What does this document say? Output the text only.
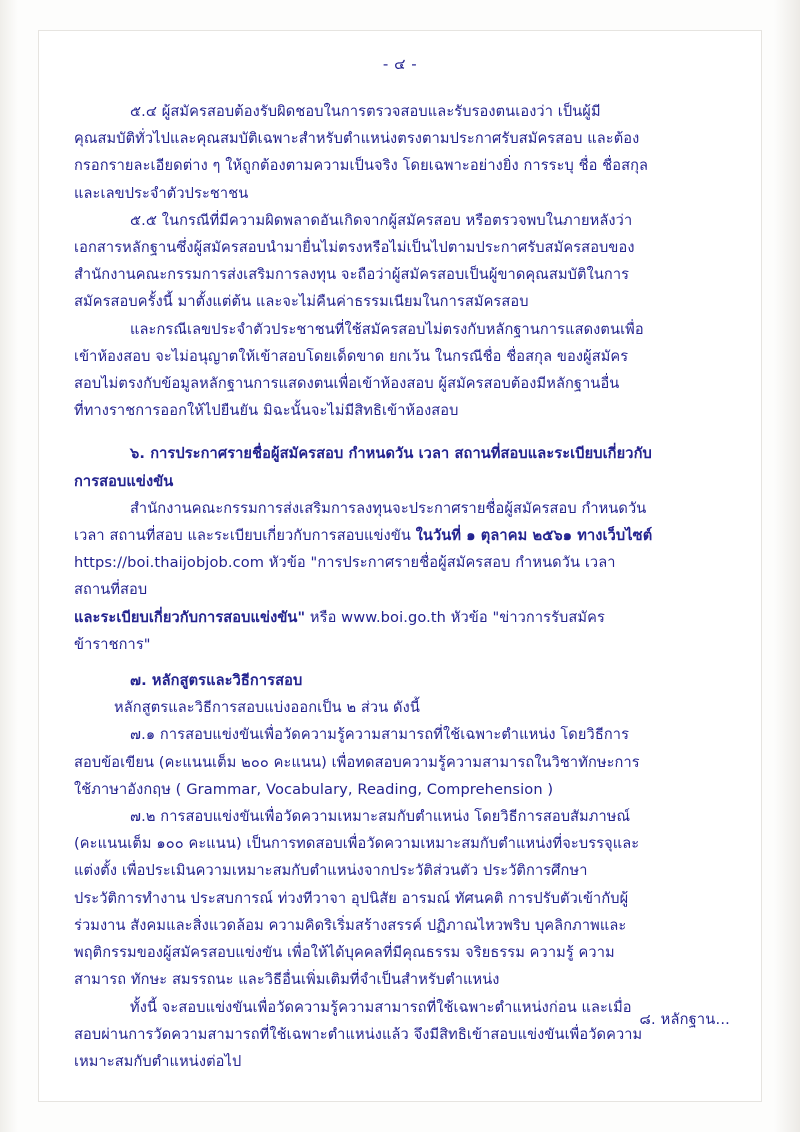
- ๔ -

๕.๔ ผู้สมัครสอบต้องรับผิดชอบในการตรวจสอบและรับรองตนเองว่า เป็นผู้มีคุณสมบัติทั่วไปและคุณสมบัติเฉพาะสำหรับตำแหน่งตรงตามประกาศรับสมัครสอบ และต้องกรอกรายละเอียดต่าง ๆ ให้ถูกต้องตามความเป็นจริง โดยเฉพาะอย่างยิ่ง การระบุ ชื่อ ชื่อสกุล และเลขประจำตัวประชาชน

๕.๕ ในกรณีที่มีความผิดพลาดอันเกิดจากผู้สมัครสอบ หรือตรวจพบในภายหลังว่าเอกสารหลักฐานซึ่งผู้สมัครสอบนำมายื่นไม่ตรงหรือไม่เป็นไปตามประกาศรับสมัครสอบของสำนักงานคณะกรรมการส่งเสริมการลงทุน จะถือว่าผู้สมัครสอบเป็นผู้ขาดคุณสมบัติในการสมัครสอบครั้งนี้ มาตั้งแต่ต้น และจะไม่คืนค่าธรรมเนียมในการสมัครสอบ

และกรณีเลขประจำตัวประชาชนที่ใช้สมัครสอบไม่ตรงกับหลักฐานการแสดงตนเพื่อเข้าห้องสอบ จะไม่อนุญาตให้เข้าสอบโดยเด็ดขาด ยกเว้น ในกรณีชื่อ ชื่อสกุล ของผู้สมัครสอบไม่ตรงกับข้อมูลหลักฐานการแสดงตนเพื่อเข้าห้องสอบ ผู้สมัครสอบต้องมีหลักฐานอื่นที่ทางราชการออกให้ไปยืนยัน มิฉะนั้นจะไม่มีสิทธิเข้าห้องสอบ

๖. การประกาศรายชื่อผู้สมัครสอบ กำหนดวัน เวลา สถานที่สอบและระเบียบเกี่ยวกับ

การสอบแข่งขัน

สำนักงานคณะกรรมการส่งเสริมการลงทุนจะประกาศรายชื่อผู้สมัครสอบ กำหนดวัน เวลา สถานที่สอบ และระเบียบเกี่ยวกับการสอบแข่งขัน ในวันที่ ๑ ตุลาคม ๒๕๖๑ ทางเว็บไซต์

https://boi.thaijobjob.com หัวข้อ "การประกาศรายชื่อผู้สมัครสอบ กำหนดวัน เวลา สถานที่สอบ

และระเบียบเกี่ยวกับการสอบแข่งขัน" หรือ www.boi.go.th หัวข้อ "ข่าวการรับสมัครข้าราชการ"

๗. หลักสูตรและวิธีการสอบ

หลักสูตรและวิธีการสอบแบ่งออกเป็น ๒ ส่วน ดังนี้

๗.๑ การสอบแข่งขันเพื่อวัดความรู้ความสามารถที่ใช้เฉพาะตำแหน่ง โดยวิธีการสอบข้อเขียน (คะแนนเต็ม ๒๐๐ คะแนน) เพื่อทดสอบความรู้ความสามารถในวิชาทักษะการใช้ภาษาอังกฤษ ( Grammar, Vocabulary, Reading, Comprehension )

๗.๒ การสอบแข่งขันเพื่อวัดความเหมาะสมกับตำแหน่ง โดยวิธีการสอบสัมภาษณ์ (คะแนนเต็ม ๑๐๐ คะแนน) เป็นการทดสอบเพื่อวัดความเหมาะสมกับตำแหน่งที่จะบรรจุและแต่งตั้ง เพื่อประเมินความเหมาะสมกับตำแหน่งจากประวัติส่วนตัว ประวัติการศึกษา ประวัติการทำงาน ประสบการณ์ ท่วงทีวาจา อุปนิสัย อารมณ์ ทัศนคติ การปรับตัวเข้ากับผู้ร่วมงาน สังคมและสิ่งแวดล้อม ความคิดริเริ่มสร้างสรรค์ ปฏิภาณไหวพริบ บุคลิกภาพและพฤติกรรมของผู้สมัครสอบแข่งขัน เพื่อให้ได้บุคคลที่มีคุณธรรม จริยธรรม ความรู้ ความสามารถ ทักษะ สมรรถนะ และวิธีอื่นเพิ่มเติมที่จำเป็นสำหรับตำแหน่ง

ทั้งนี้ จะสอบแข่งขันเพื่อวัดความรู้ความสามารถที่ใช้เฉพาะตำแหน่งก่อน และเมื่อสอบผ่านการวัดความสามารถที่ใช้เฉพาะตำแหน่งแล้ว จึงมีสิทธิเข้าสอบแข่งขันเพื่อวัดความเหมาะสมกับตำแหน่งต่อไป

๘. หลักฐาน...
